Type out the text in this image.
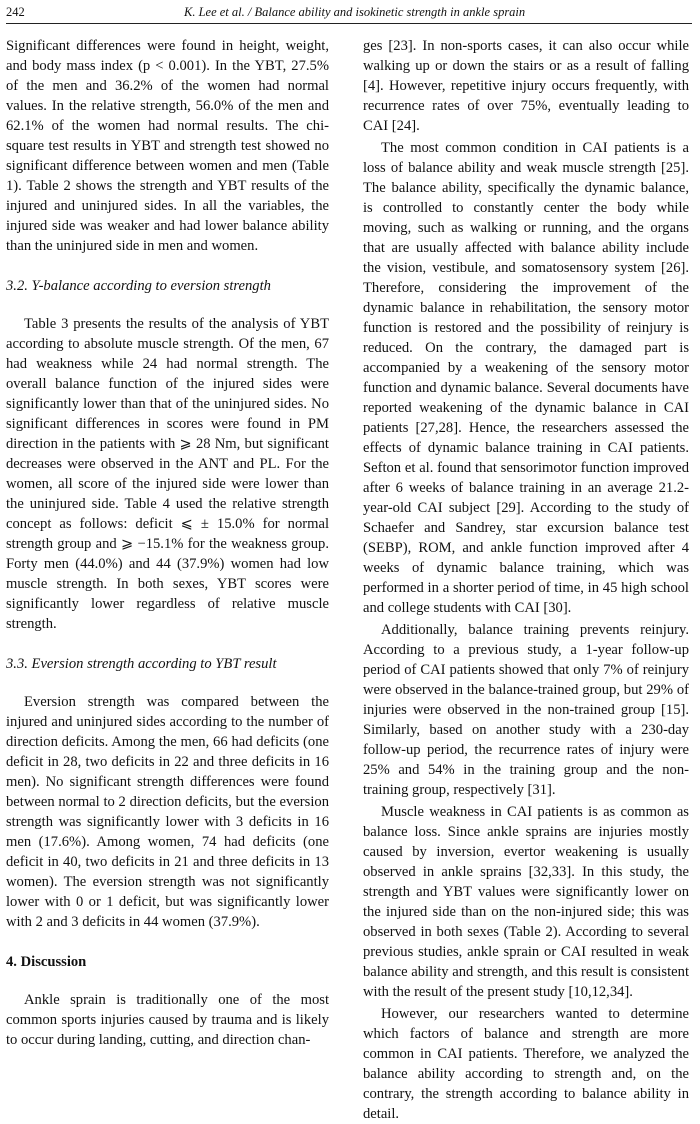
242	K. Lee et al. / Balance ability and isokinetic strength in ankle sprain

Significant differences were found in height, weight, and body mass index (p < 0.001). In the YBT, 27.5% of the men and 36.2% of the women had normal values. In the relative strength, 56.0% of the men and 62.1% of the women had normal results. The chi-square test results in YBT and strength test showed no significant difference between women and men (Table 1). Table 2 shows the strength and YBT results of the injured and uninjured sides. In all the variables, the injured side was weaker and had lower balance ability than the uninjured side in men and women.

3.2. Y-balance according to eversion strength

Table 3 presents the results of the analysis of YBT according to absolute muscle strength. Of the men, 67 had weakness while 24 had normal strength. The overall balance function of the injured sides were significantly lower than that of the uninjured sides. No significant differences in scores were found in PM direction in the patients with ⩾ 28 Nm, but significant decreases were observed in the ANT and PL. For the women, all score of the injured side were lower than the uninjured side. Table 4 used the relative strength concept as follows: deficit ⩽ ± 15.0% for normal strength group and ⩾ −15.1% for the weakness group. Forty men (44.0%) and 44 (37.9%) women had low muscle strength. In both sexes, YBT scores were significantly lower regardless of relative muscle strength.

3.3. Eversion strength according to YBT result

Eversion strength was compared between the injured and uninjured sides according to the number of direction deficits. Among the men, 66 had deficits (one deficit in 28, two deficits in 22 and three deficits in 16 men). No significant strength differences were found between normal to 2 direction deficits, but the eversion strength was significantly lower with 3 deficits in 16 men (17.6%). Among women, 74 had deficits (one deficit in 40, two deficits in 21 and three deficits in 13 women). The eversion strength was not significantly lower with 0 or 1 deficit, but was significantly lower with 2 and 3 deficits in 44 women (37.9%).

4. Discussion

Ankle sprain is traditionally one of the most common sports injuries caused by trauma and is likely to occur during landing, cutting, and direction chan-

ges [23]. In non-sports cases, it can also occur while walking up or down the stairs or as a result of falling [4]. However, repetitive injury occurs frequently, with recurrence rates of over 75%, eventually leading to CAI [24].

The most common condition in CAI patients is a loss of balance ability and weak muscle strength [25]. The balance ability, specifically the dynamic balance, is controlled to constantly center the body while moving, such as walking or running, and the organs that are usually affected with balance ability include the vision, vestibule, and somatosensory system [26]. Therefore, considering the improvement of the dynamic balance in rehabilitation, the sensory motor function is restored and the possibility of reinjury is reduced. On the contrary, the damaged part is accompanied by a weakening of the sensory motor function and dynamic balance. Several documents have reported weakening of the dynamic balance in CAI patients [27,28]. Hence, the researchers assessed the effects of dynamic balance training in CAI patients. Sefton et al. found that sensorimotor function improved after 6 weeks of balance training in an average 21.2-year-old CAI subject [29]. According to the study of Schaefer and Sandrey, star excursion balance test (SEBP), ROM, and ankle function improved after 4 weeks of dynamic balance training, which was performed in a shorter period of time, in 45 high school and college students with CAI [30].

Additionally, balance training prevents reinjury. According to a previous study, a 1-year follow-up period of CAI patients showed that only 7% of reinjury were observed in the balance-trained group, but 29% of injuries were observed in the non-trained group [15]. Similarly, based on another study with a 230-day follow-up period, the recurrence rates of injury were 25% and 54% in the training group and the non-training group, respectively [31].

Muscle weakness in CAI patients is as common as balance loss. Since ankle sprains are injuries mostly caused by inversion, evertor weakening is usually observed in ankle sprains [32,33]. In this study, the strength and YBT values were significantly lower on the injured side than on the non-injured side; this was observed in both sexes (Table 2). According to several previous studies, ankle sprain or CAI resulted in weak balance ability and strength, and this result is consistent with the result of the present study [10,12,34].

However, our researchers wanted to determine which factors of balance and strength are more common in CAI patients. Therefore, we analyzed the balance ability according to strength and, on the contrary, the strength according to balance ability in detail.
